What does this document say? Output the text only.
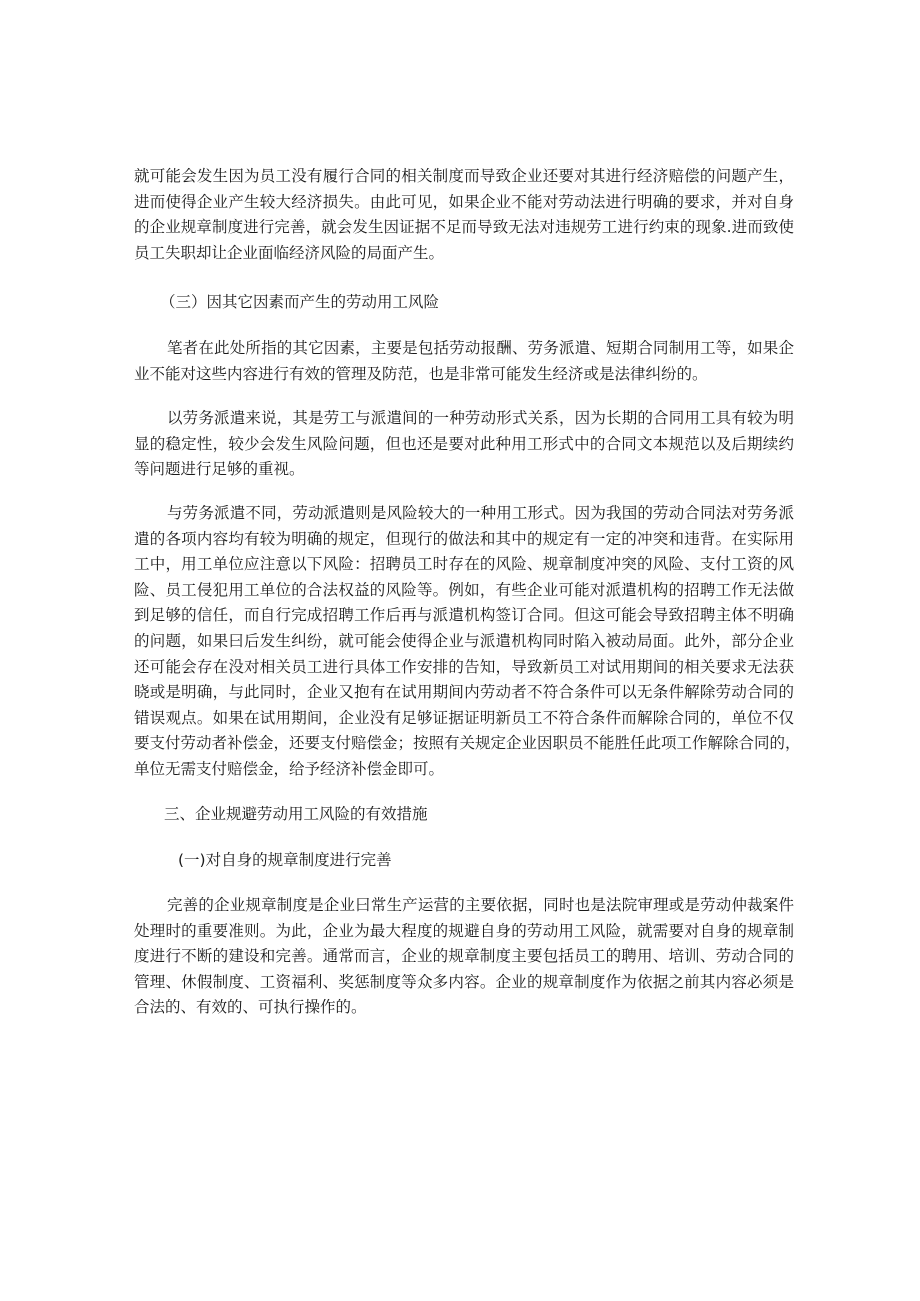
就可能会发生因为员工没有履行合同的相关制度而导致企业还要对其进行经济赔偿的问题产生，
进而使得企业产生较大经济损失。由此可见，如果企业不能对劳动法进行明确的要求，并对自身
的企业规章制度进行完善，就会发生因证据不足而导致无法对违规劳工进行约束的现象.进而致使
员工失职却让企业面临经济风险的局面产生。
（三）因其它因素而产生的劳动用工风险
笔者在此处所指的其它因素，主要是包括劳动报酬、劳务派遣、短期合同制用工等，如果企
业不能对这些内容进行有效的管理及防范，也是非常可能发生经济或是法律纠纷的。
以劳务派遣来说，其是劳工与派遣间的一种劳动形式关系，因为长期的合同用工具有较为明
显的稳定性，较少会发生风险问题，但也还是要对此种用工形式中的合同文本规范以及后期续约
等问题进行足够的重视。
与劳务派遣不同，劳动派遣则是风险较大的一种用工形式。因为我国的劳动合同法对劳务派
遣的各项内容均有较为明确的规定，但现行的做法和其中的规定有一定的冲突和违背。在实际用
工中，用工单位应注意以下风险：招聘员工时存在的风险、规章制度冲突的风险、支付工资的风
险、员工侵犯用工单位的合法权益的风险等。例如，有些企业可能对派遣机构的招聘工作无法做
到足够的信任，而自行完成招聘工作后再与派遣机构签订合同。但这可能会导致招聘主体不明确
的问题，如果曰后发生纠纷，就可能会使得企业与派遣机构同时陷入被动局面。此外，部分企业
还可能会存在没对相关员工进行具体工作安排的告知，导致新员工对试用期间的相关要求无法获
晓或是明确，与此同时，企业又抱有在试用期间内劳动者不符合条件可以无条件解除劳动合同的
错误观点。如果在试用期间，企业没有足够证据证明新员工不符合条件而解除合同的，单位不仅
要支付劳动者补偿金，还要支付赔偿金；按照有关规定企业因职员不能胜任此项工作解除合同的，
单位无需支付赔偿金，给予经济补偿金即可。
三、企业规避劳动用工风险的有效措施
(一)对自身的规章制度进行完善
完善的企业规章制度是企业曰常生产运营的主要依据，同时也是法院审理或是劳动仲裁案件
处理时的重要准则。为此，企业为最大程度的规避自身的劳动用工风险，就需要对自身的规章制
度进行不断的建设和完善。通常而言，企业的规章制度主要包括员工的聘用、培训、劳动合同的
管理、休假制度、工资福利、奖惩制度等众多内容。企业的规章制度作为依据之前其内容必须是
合法的、有效的、可执行操作的。
